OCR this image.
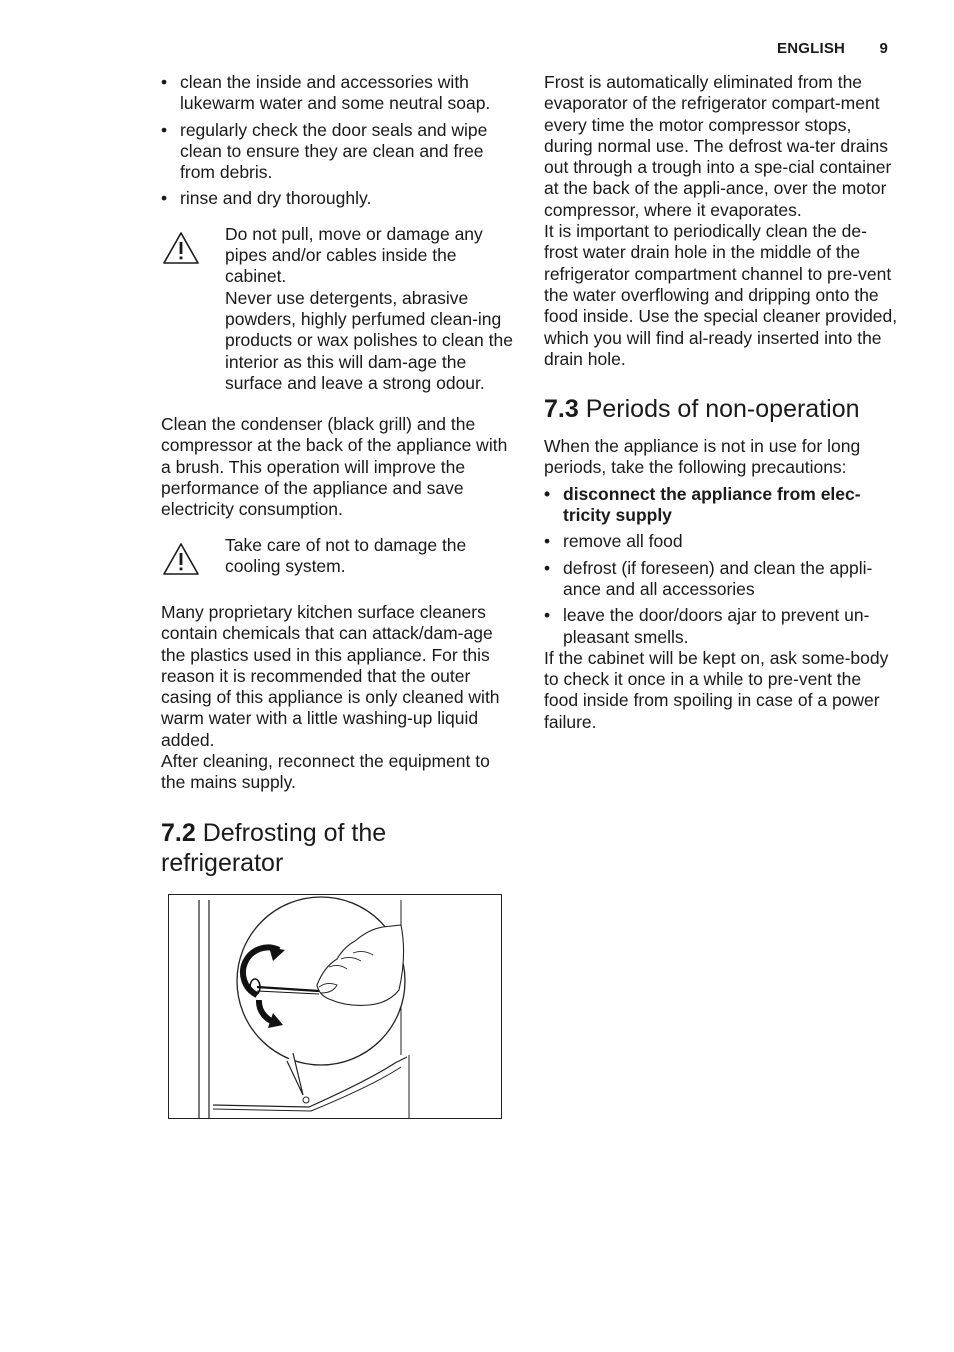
ENGLISH 9
• clean the inside and accessories with lukewarm water and some neutral soap.
• regularly check the door seals and wipe clean to ensure they are clean and free from debris.
• rinse and dry thoroughly.

Do not pull, move or damage any pipes and/or cables inside the cabinet.

Never use detergents, abrasive powders, highly perfumed clean-ing products or wax polishes to clean the interior as this will dam-age the surface and leave a strong odour.

Clean the condenser (black grill) and the compressor at the back of the appliance with a brush. This operation will improve the performance of the appliance and save electricity consumption.

Take care of not to damage the cooling system.

Many proprietary kitchen surface cleaners contain chemicals that can attack/dam-age the plastics used in this appliance. For this reason it is recommended that the outer casing of this appliance is only cleaned with warm water with a little washing-up liquid added.

After cleaning, reconnect the equipment to the mains supply.

7.2 Defrosting of the refrigerator

Frost is automatically eliminated from the evaporator of the refrigerator compart-ment every time the motor compressor stops, during normal use. The defrost wa-ter drains out through a trough into a spe-cial container at the back of the appli-ance, over the motor compressor, where it evaporates.

It is important to periodically clean the de-frost water drain hole in the middle of the refrigerator compartment channel to pre-vent the water overflowing and dripping onto the food inside. Use the special cleaner provided, which you will find al-ready inserted into the drain hole.

7.3 Periods of non-operation

When the appliance is not in use for long periods, take the following precautions:

• disconnect the appliance from elec-tricity supply
• remove all food
• defrost (if foreseen) and clean the appli-ance and all accessories
• leave the door/doors ajar to prevent un-pleasant smells.

If the cabinet will be kept on, ask some-body to check it once in a while to pre-vent the food inside from spoiling in case of a power failure.
